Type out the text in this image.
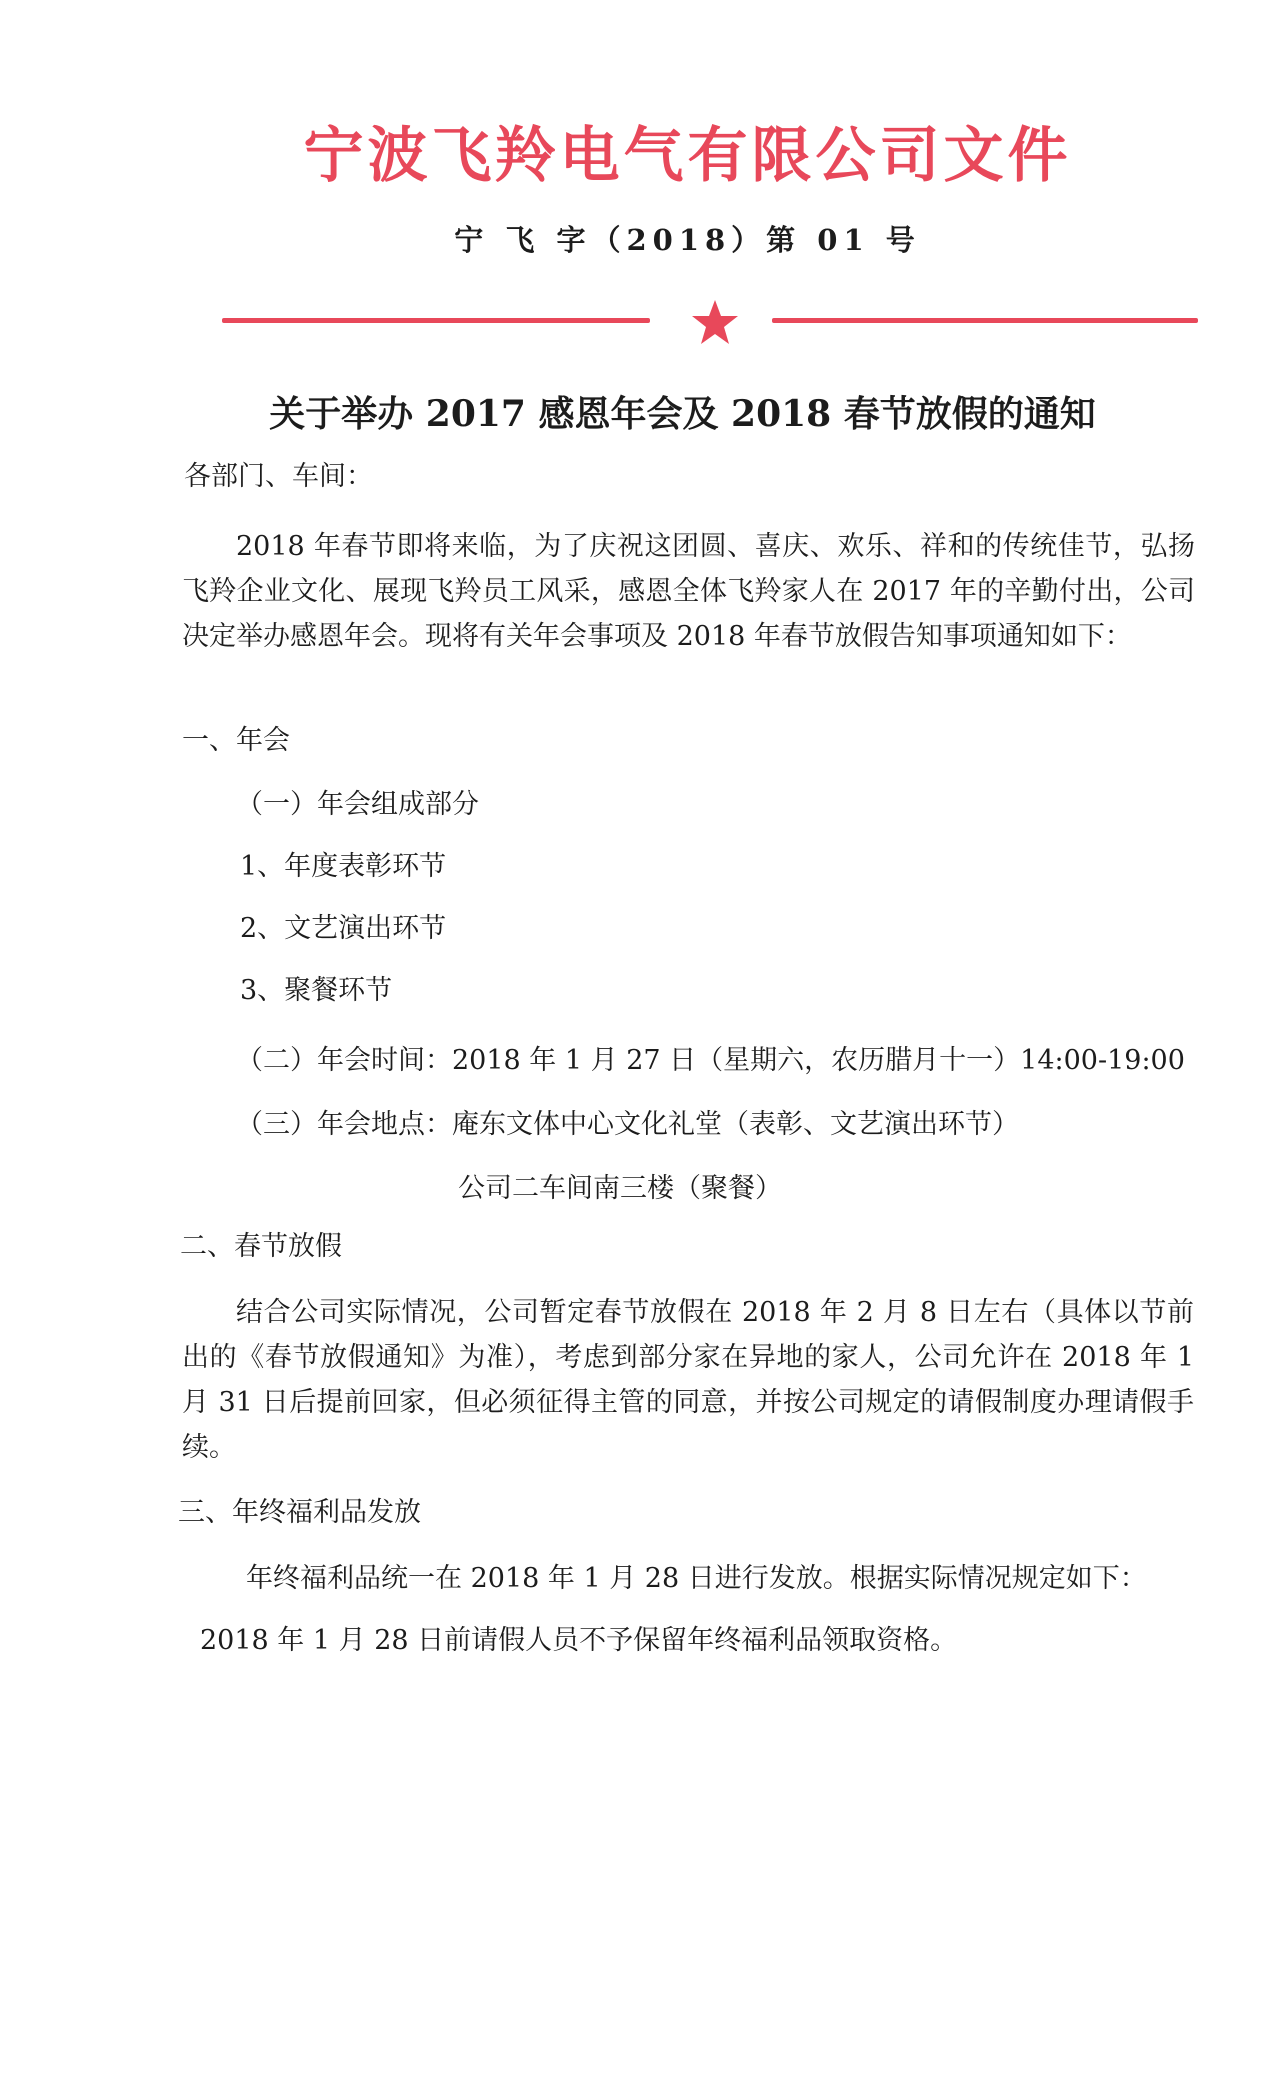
宁波飞羚电气有限公司文件
宁 飞 字（2018）第 01 号
关于举办 2017 感恩年会及 2018 春节放假的通知
各部门、车间：
2018 年春节即将来临，为了庆祝这团圆、喜庆、欢乐、祥和的传统佳节，弘扬飞羚企业文化、展现飞羚员工风采，感恩全体飞羚家人在 2017 年的辛勤付出，公司决定举办感恩年会。现将有关年会事项及 2018 年春节放假告知事项通知如下：
一、年会
（一）年会组成部分
1、年度表彰环节
2、文艺演出环节
3、聚餐环节
（二）年会时间：2018 年 1 月 27 日（星期六，农历腊月十一）14:00-19:00
（三）年会地点：庵东文体中心文化礼堂（表彰、文艺演出环节）
公司二车间南三楼（聚餐）
二、春节放假
结合公司实际情况，公司暂定春节放假在 2018 年 2 月 8 日左右（具体以节前出的《春节放假通知》为准），考虑到部分家在异地的家人，公司允许在 2018 年 1 月 31 日后提前回家，但必须征得主管的同意，并按公司规定的请假制度办理请假手续。
三、年终福利品发放
年终福利品统一在 2018 年 1 月 28 日进行发放。根据实际情况规定如下：
2018 年 1 月 28 日前请假人员不予保留年终福利品领取资格。
